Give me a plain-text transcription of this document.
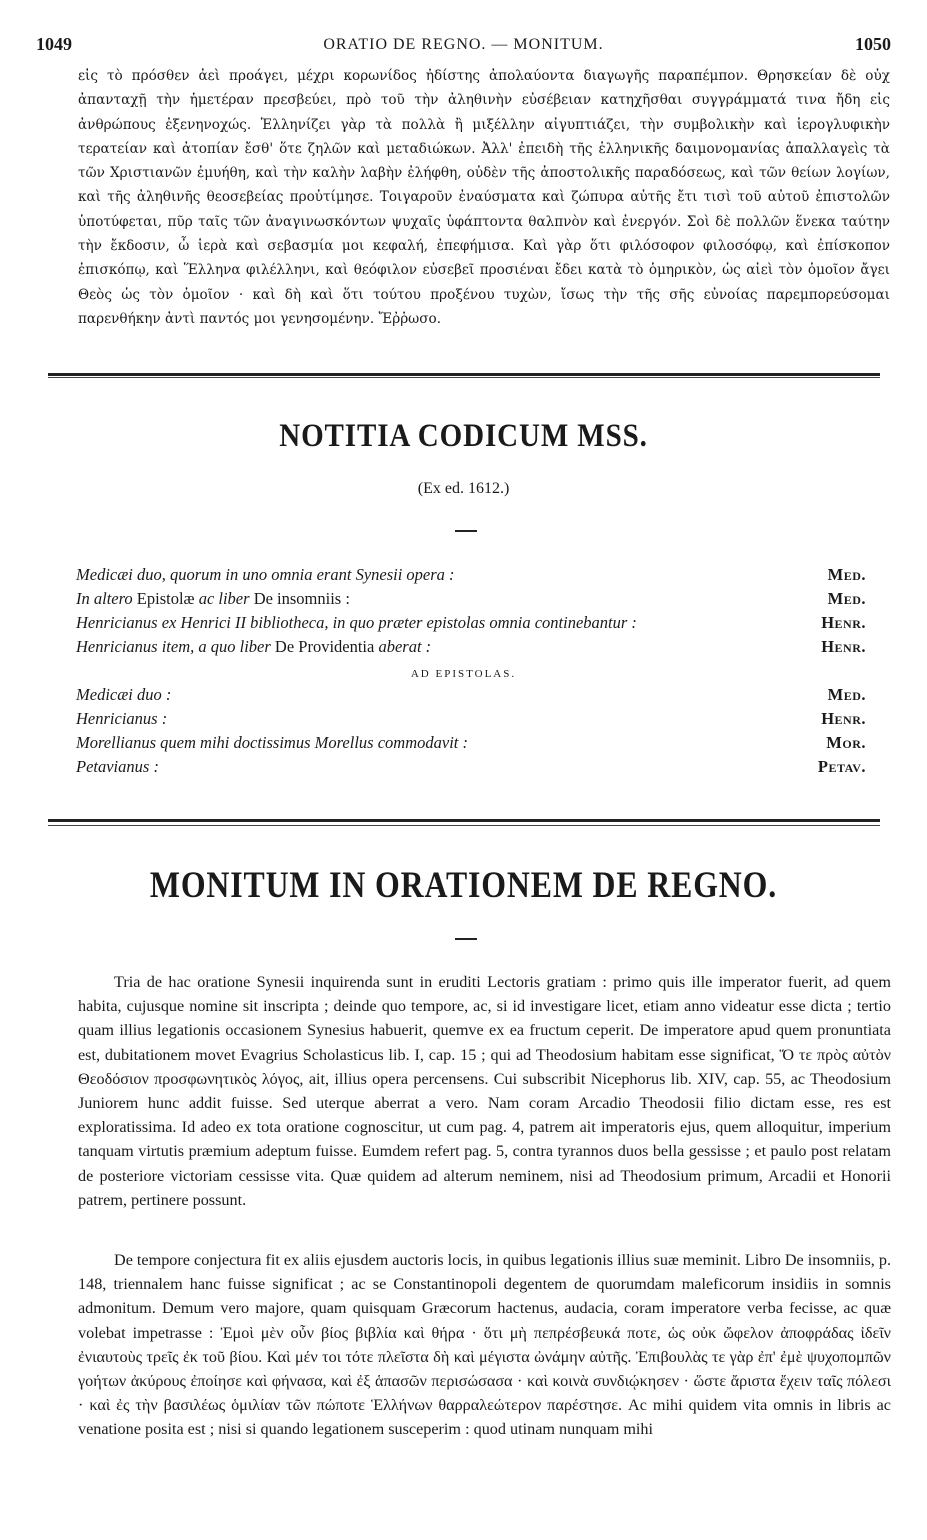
1049	ORATIO DE REGNO. — MONITUM.	1050
εἰς τὸ πρόσθεν ἀεὶ προάγει, μέχρι κορωνίδος ἠδίστης ἀπολαύοντα διαγωγῆς παραπέμπον. Θρησκείαν δὲ οὐχ ἀπανταχῇ τὴν ἡμετέραν πρεσβεύει, πρὸ τοῦ τὴν ἀληθινὴν εὐσέβειαν κατηχῆσθαι συγγράμματά τινα ἤδη εἰς ἀνθρώπους ἐξενηνοχώς. Ἑλληνίζει γὰρ τὰ πολλὰ ἢ μιξέλλην αἰγυπτιάζει, τὴν συμβολικὴν καὶ ἱερογλυφικὴν τερατείαν καὶ ἀτοπίαν ἔσθ' ὅτε ζηλῶν καὶ μεταδιώκων. Ἀλλ' ἐπειδὴ τῆς ἑλληνικῆς δαιμονομανίας ἀπαλλαγεὶς τὰ τῶν Χριστιανῶν ἐμυήθη, καὶ τὴν καλὴν λαβὴν ἐλήφθη, οὐδὲν τῆς ἀποστολικῆς παραδόσεως, καὶ τῶν θείων λογίων, καὶ τῆς ἀληθινῆς θεοσεβείας προὐτίμησε. Τοιγαροῦν ἐναύσματα καὶ ζώπυρα αὐτῆς ἔτι τισὶ τοῦ αὐτοῦ ἐπιστολῶν ὑποτύφεται, πῦρ ταῖς τῶν ἀναγινωσκόντων ψυχαῖς ὑφάπτοντα θαλπνὸν καὶ ἐνεργόν. Σοὶ δὲ πολλῶν ἕνεκα ταύτην τὴν ἔκδοσιν, ὦ ἱερὰ καὶ σεβασμία μοι κεφαλή, ἐπεφήμισα. Καὶ γὰρ ὅτι φιλόσοφον φιλοσόφῳ, καὶ ἐπίσκοπον ἐπισκόπῳ, καὶ Ἕλληνα φιλέλληνι, καὶ θεόφιλον εὐσεβεῖ προσιέναι ἔδει κατὰ τὸ ὁμηρικὸν, ὡς αἰεὶ τὸν ὁμοῖον ἄγει Θεὸς ὡς τὸν ὁμοῖον · καὶ δὴ καὶ ὅτι τούτου προξένου τυχὼν, ἴσως τὴν τῆς σῆς εὐνοίας παρεμπορεύσομαι παρενθήκην ἀντὶ παντός μοι γενησομένην. Ἔῤῥωσο.
NOTITIA CODICUM MSS.
(Ex ed. 1612.)
Medicæi duo, quorum in uno omnia erant Synesii opera :	Med.
In altero Epistolæ ac liber De insomniis :	Med.
Henricianus ex Henrici II bibliotheca, in quo præter epistolas omnia continebantur :	Henr.
Henricianus item, a quo liber De Providentia aberat :	Henr.
AD EPISTOLAS.
Medicæi duo :	Med.
Henricianus :	Henr.
Morellianus quem mihi doctissimus Morellus commodavit :	Mor.
Petavianus :	Petav.
MONITUM IN ORATIONEM DE REGNO.
Tria de hac oratione Synesii inquirenda sunt in eruditi Lectoris gratiam : primo quis ille imperator fuerit, ad quem habita, cujusque nomine sit inscripta ; deinde quo tempore, ac, si id investigare licet, etiam anno videatur esse dicta ; tertio quam illius legationis occasionem Synesius habuerit, quemve ex ea fructum ceperit. De imperatore apud quem pronuntiata est, dubitationem movet Evagrius Scholasticus lib. I, cap. 15 ; qui ad Theodosium habitam esse significat, Ὅ τε πρὸς αὐτὸν Θεοδόσιον προσφωνητικὸς λόγος, ait, illius opera percensens. Cui subscribit Nicephorus lib. XIV, cap. 55, ac Theodosium Juniorem hunc addit fuisse. Sed uterque aberrat a vero. Nam coram Arcadio Theodosii filio dictam esse, res est exploratissima. Id adeo ex tota oratione cognoscitur, ut cum pag. 4, patrem ait imperatoris ejus, quem alloquitur, imperium tanquam virtutis præmium adeptum fuisse. Eumdem refert pag. 5, contra tyrannos duos bella gessisse ; et paulo post relatam de posteriore victoriam cessisse vita. Quæ quidem ad alterum neminem, nisi ad Theodosium primum, Arcadii et Honorii patrem, pertinere possunt.
De tempore conjectura fit ex aliis ejusdem auctoris locis, in quibus legationis illius suæ meminit. Libro De insomniis, p. 148, triennalem hanc fuisse significat ; ac se Constantinopoli degentem de quorumdam maleficorum insidiis in somnis admonitum. Demum vero majore, quam quisquam Græcorum hactenus, audacia, coram imperatore verba fecisse, ac quæ volebat impetrasse : Ἐμοὶ μὲν οὖν βίος βιβλία καὶ θήρα · ὅτι μὴ πεπρέσβευκά ποτε, ὡς οὐκ ὤφελον ἀποφράδας ἰδεῖν ἐνιαυτοὺς τρεῖς ἐκ τοῦ βίου. Καὶ μέν τοι τότε πλεῖστα δὴ καὶ μέγιστα ὠνάμην αὐτῆς. Ἐπιβουλὰς τε γὰρ ἐπ' ἐμὲ ψυχοπομπῶν γοήτων ἀκύρους ἐποίησε καὶ φήνασα, καὶ ἐξ ἁπασῶν περισώσασα · καὶ κοινὰ συνδιῴκησεν · ὥστε ἄριστα ἔχειν ταῖς πόλεσι · καὶ ἐς τὴν βασιλέως ὁμιλίαν τῶν πώποτε Ἑλλήνων θαρραλεώτερον παρέστησε. Ac mihi quidem vita omnis in libris ac venatione posita est ; nisi si quando legationem susceperim : quod utinam nunquam mihi
